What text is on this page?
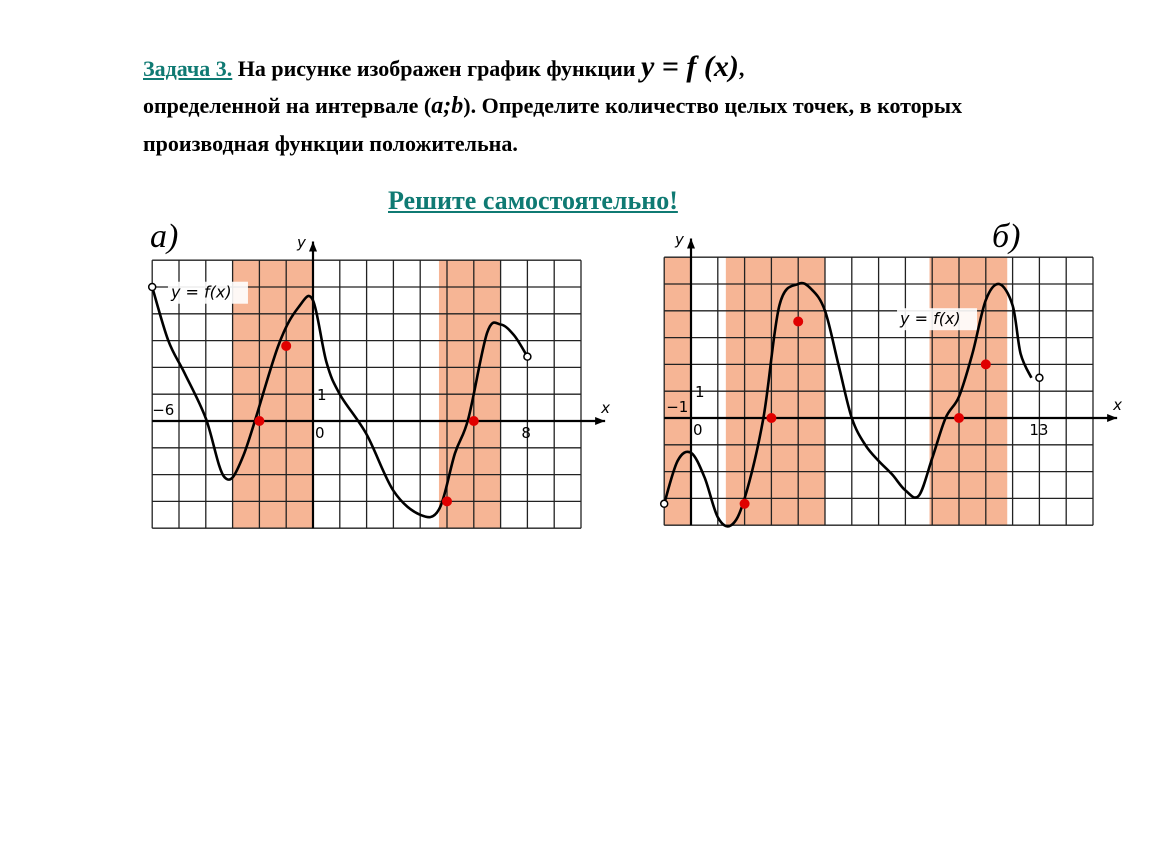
Задача 3. На рисунке изображен график функции y = f (x),
определенной на интервале (a;b). Определите количество целых точек, в которых производная функции положительна.
Решите самостоятельно!
x
y
0
1
−6
8
y = f(x)
а)
x
y
0
1
−1
13
y = f(x)
б)
